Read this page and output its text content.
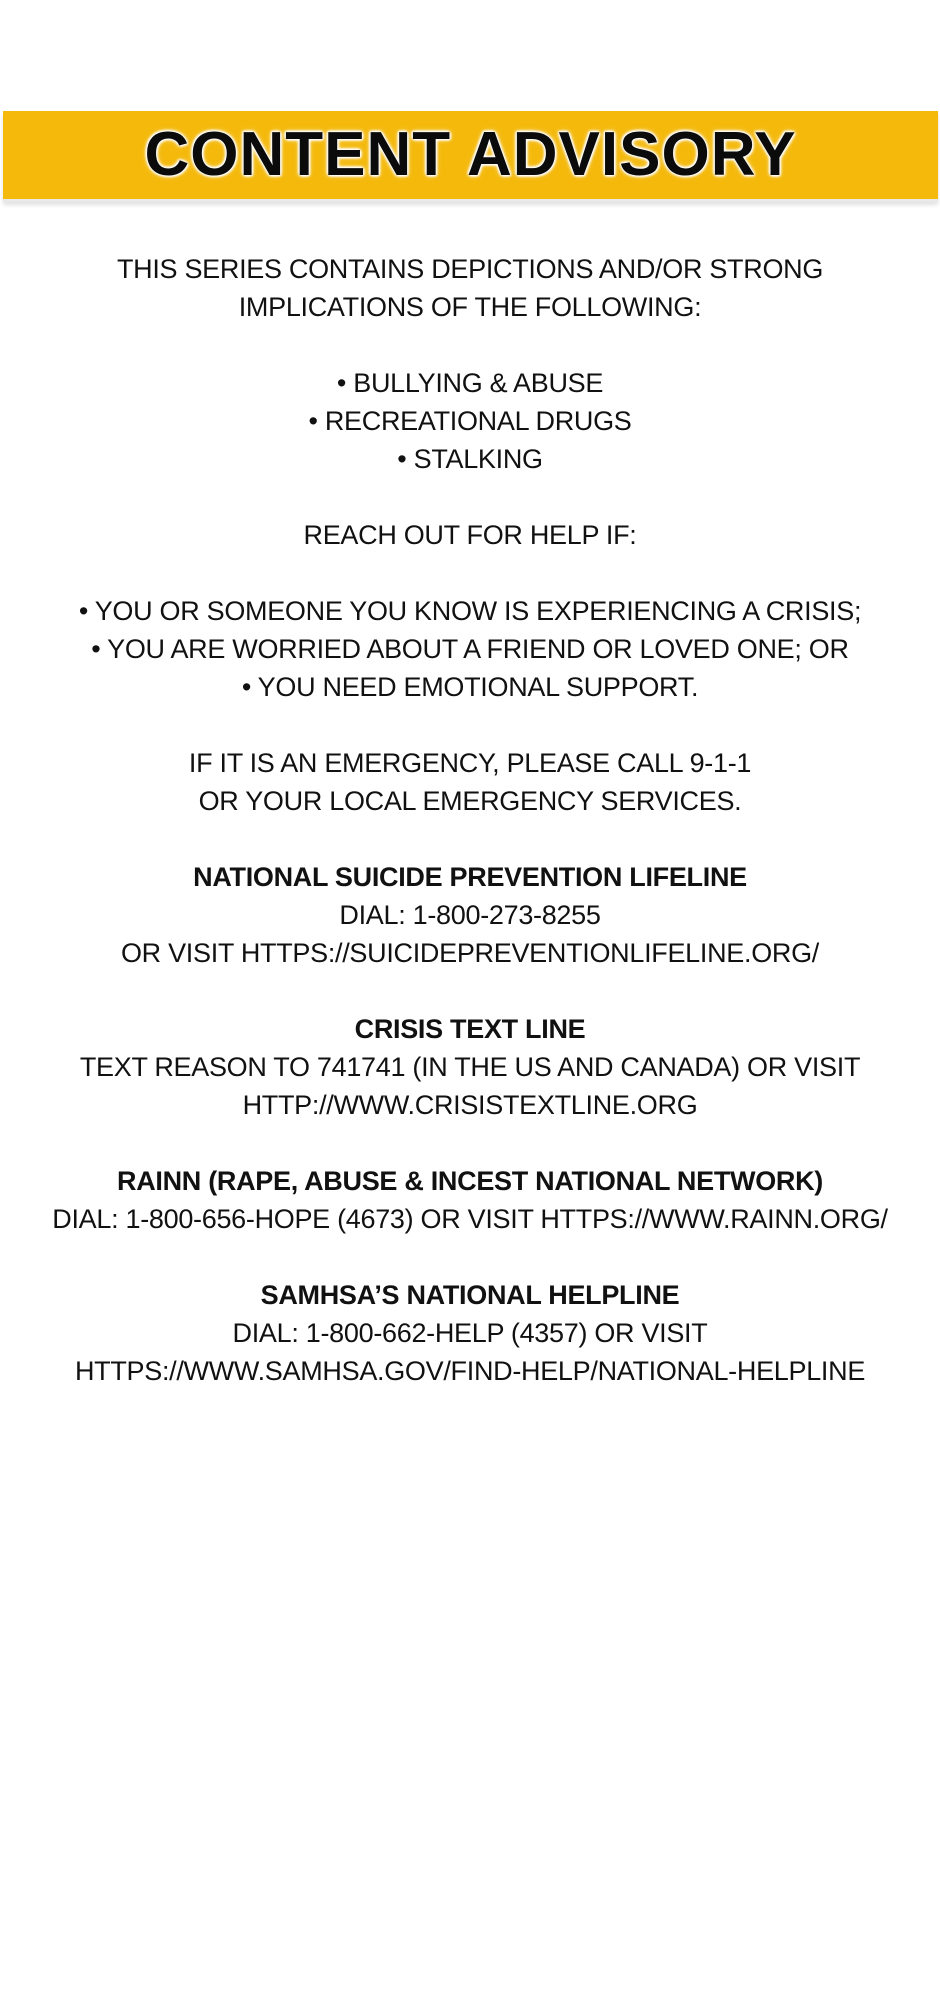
CONTENT ADVISORY
THIS SERIES CONTAINS DEPICTIONS AND/OR STRONG
IMPLICATIONS OF THE FOLLOWING:
• BULLYING & ABUSE
• RECREATIONAL DRUGS
• STALKING
REACH OUT FOR HELP IF:
• YOU OR SOMEONE YOU KNOW IS EXPERIENCING A CRISIS;
• YOU ARE WORRIED ABOUT A FRIEND OR LOVED ONE; OR
• YOU NEED EMOTIONAL SUPPORT.
IF IT IS AN EMERGENCY, PLEASE CALL 9-1-1
OR YOUR LOCAL EMERGENCY SERVICES.
NATIONAL SUICIDE PREVENTION LIFELINE
DIAL: 1-800-273-8255
OR VISIT HTTPS://SUICIDEPREVENTIONLIFELINE.ORG/
CRISIS TEXT LINE
TEXT REASON TO 741741 (IN THE US AND CANADA) OR VISIT
HTTP://WWW.CRISISTEXTLINE.ORG
RAINN (RAPE, ABUSE & INCEST NATIONAL NETWORK)
DIAL: 1-800-656-HOPE (4673) OR VISIT HTTPS://WWW.RAINN.ORG/
SAMHSA’S NATIONAL HELPLINE
DIAL: 1-800-662-HELP (4357) OR VISIT
HTTPS://WWW.SAMHSA.GOV/FIND-HELP/NATIONAL-HELPLINE
